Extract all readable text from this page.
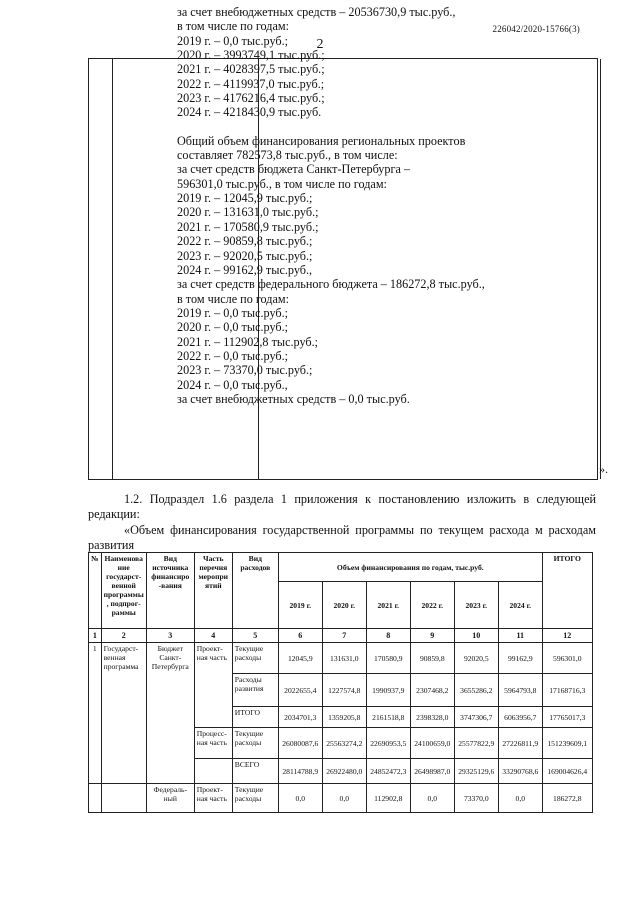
226042/2020-15766(3)
2
за счет внебюджетных средств – 20536730,9 тыс.руб.,
в том числе по годам:
2019 г. – 0,0 тыс.руб.;
2020 г. – 3993749,1 тыс.руб.;
2021 г. – 4028397,5 тыс.руб.;
2022 г. – 4119937,0 тыс.руб.;
2023 г. – 4176216,4 тыс.руб.;
2024 г. – 4218430,9 тыс.руб.
Общий объем финансирования региональных проектов
составляет 782573,8 тыс.руб., в том числе:
за счет средств бюджета Санкт-Петербурга –
596301,0 тыс.руб., в том числе по годам:
2019 г. – 12045,9 тыс.руб.;
2020 г. – 131631,0 тыс.руб.;
2021 г. – 170580,9 тыс.руб.;
2022 г. – 90859,8 тыс.руб.;
2023 г. – 92020,5 тыс.руб.;
2024 г. – 99162,9 тыс.руб.,
за счет средств федерального бюджета – 186272,8 тыс.руб.,
в том числе по годам:
2019 г. – 0,0 тыс.руб.;
2020 г. – 0,0 тыс.руб.;
2021 г. – 112902,8 тыс.руб.;
2022 г. – 0,0 тыс.руб.;
2023 г. – 73370,0 тыс.руб.;
2024 г. – 0,0 тыс.руб.,
за счет внебюджетных средств – 0,0 тыс.руб.
».
1.2. Подраздел 1.6 раздела 1 приложения к постановлению изложить в следующей редакции:
«Объем финансирования государственной программы по текущем расхода м расходам развития
№	Наименова ние государст- венной программы , подпрог- раммы	Вид источника финансиро -вания	Часть перечня меропри ятий	Вид расходов	Объем финансирования по годам, тыс.руб.						ИТОГО
					2019 г.	2020 г.	2021 г.	2022 г.	2023 г.	2024 г.	
1	2	3	4	5	6	7	8	9	10	11	12
1	Государст- венная программа	Бюджет Санкт- Петербурга	Проект- ная часть	Текущие расходы	12045,9	131631,0	170580,9	90859,8	92020,5	99162,9	596301,0
				Расходы развития	2022655,4	1227574,8	1990937,9	2307468,2	3655286,2	5964793,8	17168716,3
				ИТОГО	2034701,3	1359205,8	2161518,8	2398328,0	3747306,7	6063956,7	17765017,3
			Процесс- ная часть	Текущие расходы	26080087,6	25563274,2	22690953,5	24100659,0	25577822,9	27226811,9	151239609,1
				ВСЕГО	28114788,9	26922480,0	24852472,3	26498987,0	29325129,6	33290768,6	169004626,4
		Федераль- ный	Проект- ная часть	Текущие расходы	0,0	0,0	112902,8	0,0	73370,0	0,0	186272,8
